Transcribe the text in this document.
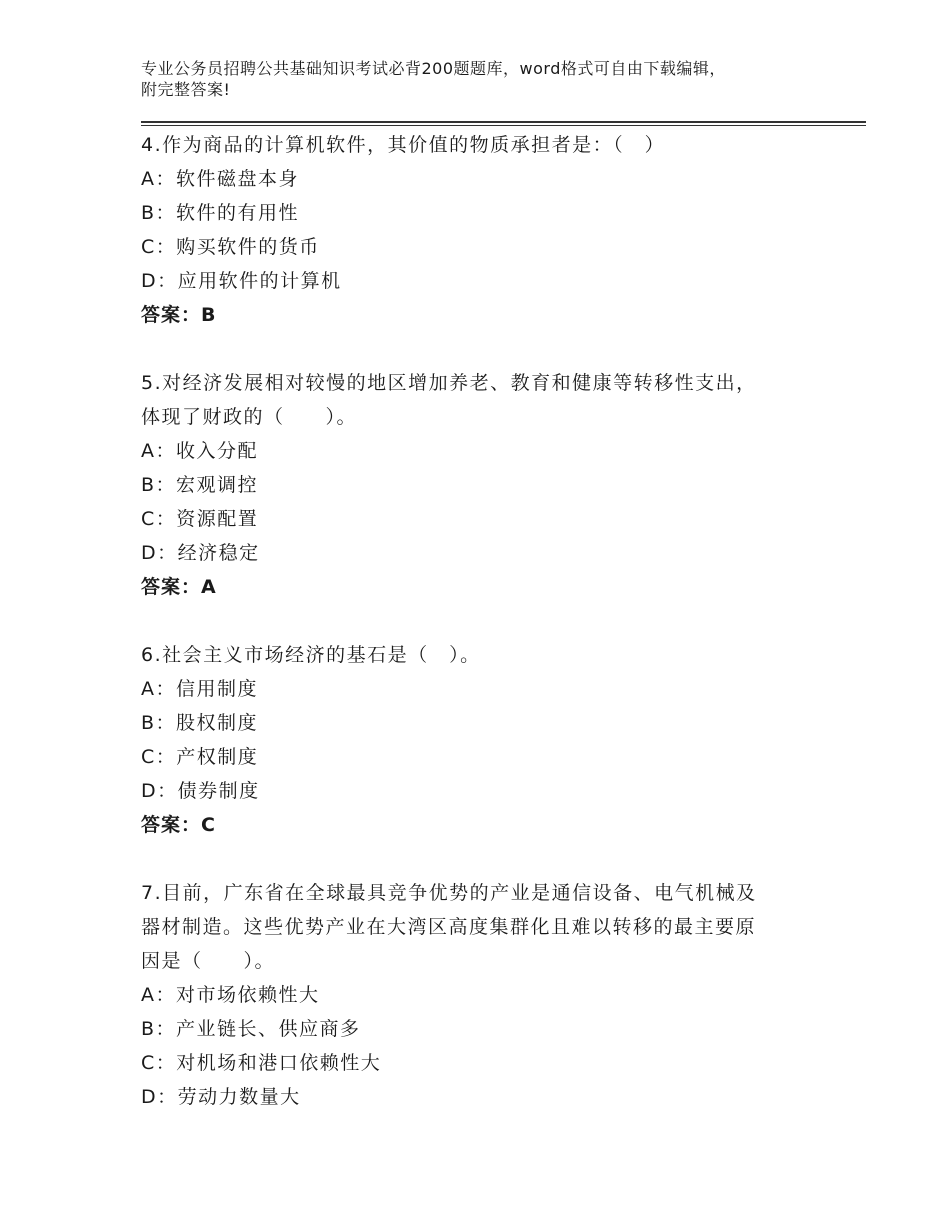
专业公务员招聘公共基础知识考试必背200题题库，word格式可自由下载编辑，
附完整答案!
4.作为商品的计算机软件，其价值的物质承担者是：（　）
A：软件磁盘本身
B：软件的有用性
C：购买软件的货币
D：应用软件的计算机
答案：B
5.对经济发展相对较慢的地区增加养老、教育和健康等转移性支出，
体现了财政的（　　）。
A：收入分配
B：宏观调控
C：资源配置
D：经济稳定
答案：A
6.社会主义市场经济的基石是（　）。
A：信用制度
B：股权制度
C：产权制度
D：债券制度
答案：C
7.目前，广东省在全球最具竞争优势的产业是通信设备、电气机械及
器材制造。这些优势产业在大湾区高度集群化且难以转移的最主要原
因是（　　）。
A：对市场依赖性大
B：产业链长、供应商多
C：对机场和港口依赖性大
D：劳动力数量大
